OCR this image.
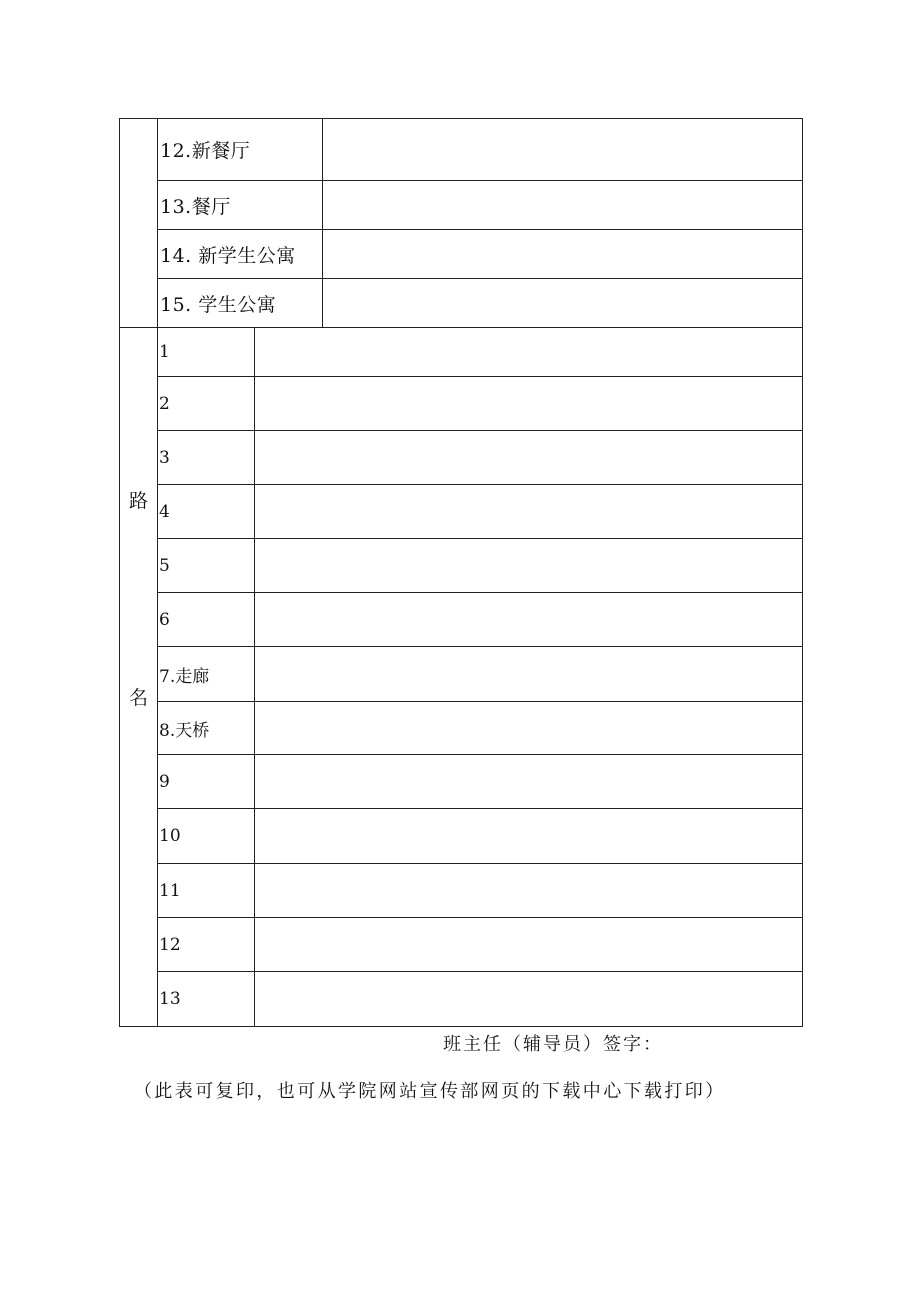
	12.新餐厅		
	13.餐厅		
	14. 新学生公寓		
	15. 学生公寓		

路
名	1		
	2		
	3		
	4		
	5		
	6		
	7.走廊		
	8.天桥		
	9		
	10		
	11		
	12		
	13		
班主任（辅导员）签字：
（此表可复印，也可从学院网站宣传部网页的下载中心下载打印）
